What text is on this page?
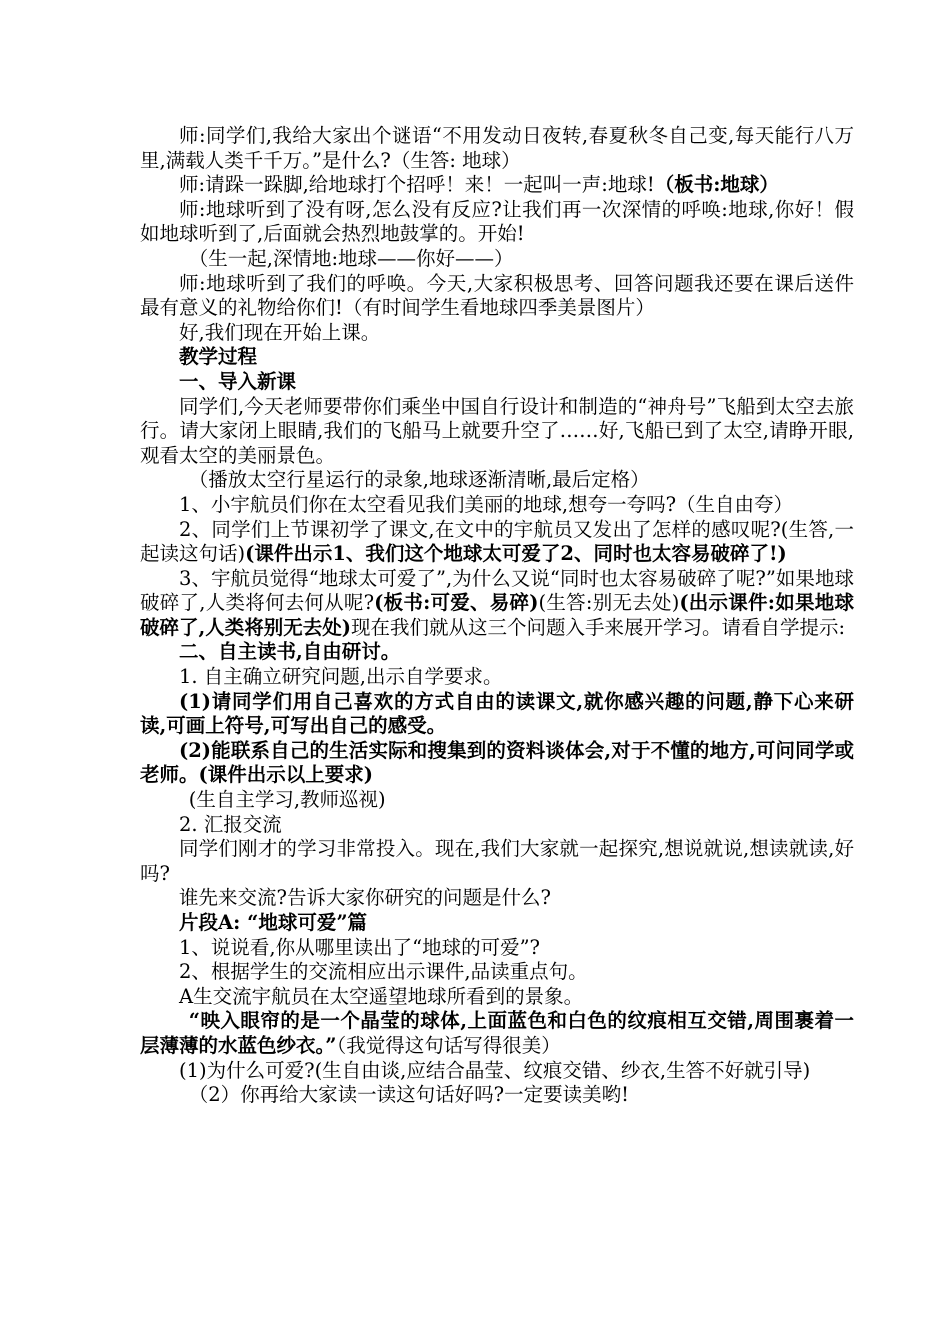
师:同学们,我给大家出个谜语“不用发动日夜转,春夏秋冬自己变,每天能行八万里,满载人类千千万。”是什么?（生答: 地球）

师:请跺一跺脚,给地球打个招呼！来！一起叫一声:地球!（板书:地球）

师:地球听到了没有呀,怎么没有反应?让我们再一次深情的呼唤:地球,你好！假如地球听到了,后面就会热烈地鼓掌的。开始!

（生一起,深情地:地球——你好——）

师:地球听到了我们的呼唤。今天,大家积极思考、回答问题我还要在课后送件最有意义的礼物给你们!（有时间学生看地球四季美景图片）

好,我们现在开始上课。

教学过程

一、导入新课

同学们,今天老师要带你们乘坐中国自行设计和制造的“神舟号”飞船到太空去旅行。请大家闭上眼睛,我们的飞船马上就要升空了……好,飞船已到了太空,请睁开眼,观看太空的美丽景色。

（播放太空行星运行的录象,地球逐渐清晰,最后定格）

1、小宇航员们你在太空看见我们美丽的地球,想夸一夸吗?（生自由夸）

2、同学们上节课初学了课文,在文中的宇航员又发出了怎样的感叹呢?(生答,一起读这句话)(课件出示1、我们这个地球太可爱了2、同时也太容易破碎了!)

3、宇航员觉得“地球太可爱了”,为什么又说“同时也太容易破碎了呢?”如果地球破碎了,人类将何去何从呢?(板书:可爱、易碎)(生答:别无去处)(出示课件:如果地球破碎了,人类将别无去处)现在我们就从这三个问题入手来展开学习。请看自学提示:

二、自主读书,自由研讨。

1. 自主确立研究问题,出示自学要求。

(1)请同学们用自己喜欢的方式自由的读课文,就你感兴趣的问题,静下心来研读,可画上符号,可写出自己的感受。

(2)能联系自己的生活实际和搜集到的资料谈体会,对于不懂的地方,可问同学或老师。(课件出示以上要求)

(生自主学习,教师巡视)

2. 汇报交流

同学们刚才的学习非常投入。现在,我们大家就一起探究,想说就说,想读就读,好吗?

谁先来交流?告诉大家你研究的问题是什么?

片段A: “地球可爱”篇

1、说说看,你从哪里读出了“地球的可爱”?

2、根据学生的交流相应出示课件,品读重点句。

A生交流宇航员在太空遥望地球所看到的景象。

“映入眼帘的是一个晶莹的球体,上面蓝色和白色的纹痕相互交错,周围裹着一层薄薄的水蓝色纱衣。”（我觉得这句话写得很美）

(1)为什么可爱?(生自由谈,应结合晶莹、纹痕交错、纱衣,生答不好就引导)

（2）你再给大家读一读这句话好吗?一定要读美哟!
